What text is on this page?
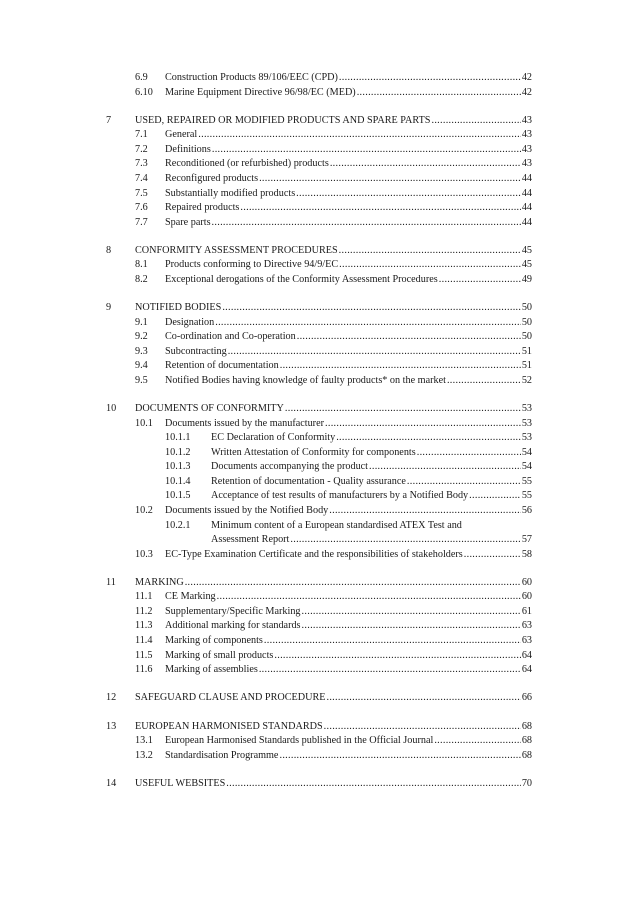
6.9 Construction Products 89/106/EEC (CPD) .....	42
6.10 Marine Equipment Directive 96/98/EC (MED) .....	42
7 USED, REPAIRED OR MODIFIED PRODUCTS AND SPARE PARTS .....	43
7.1 General .....	43
7.2 Definitions .....	43
7.3 Reconditioned (or refurbished) products .....	43
7.4 Reconfigured products .....	44
7.5 Substantially modified products .....	44
7.6 Repaired products .....	44
7.7 Spare parts .....	44
8 CONFORMITY ASSESSMENT PROCEDURES .....	45
8.1 Products conforming to Directive 94/9/EC .....	45
8.2 Exceptional derogations of the Conformity Assessment Procedures .....	49
9 NOTIFIED BODIES .....	50
9.1 Designation .....	50
9.2 Co-ordination and Co-operation .....	50
9.3 Subcontracting .....	51
9.4 Retention of documentation .....	51
9.5 Notified Bodies having knowledge of faulty products* on the market .....	52
10 DOCUMENTS OF CONFORMITY .....	53
10.1 Documents issued by the manufacturer .....	53
10.1.1 EC Declaration of Conformity .....	53
10.1.2 Written Attestation of Conformity for components .....	54
10.1.3 Documents accompanying the product .....	54
10.1.4 Retention of documentation - Quality assurance .....	55
10.1.5 Acceptance of test results of manufacturers by a Notified Body .....	55
10.2 Documents issued by the Notified Body .....	56
10.2.1 Minimum content of a European standardised ATEX Test and
Assessment Report .....	57
10.3 EC-Type Examination Certificate and the responsibilities of stakeholders .....	58
11 MARKING .....	60
11.1 CE Marking .....	60
11.2 Supplementary/Specific Marking .....	61
11.3 Additional marking for standards .....	63
11.4 Marking of components .....	63
11.5 Marking of small products .....	64
11.6 Marking of assemblies .....	64
12 SAFEGUARD CLAUSE AND PROCEDURE .....	66
13 EUROPEAN HARMONISED STANDARDS .....	68
13.1 European Harmonised Standards published in the Official Journal .....	68
13.2 Standardisation Programme .....	68
14 USEFUL WEBSITES .....	70
